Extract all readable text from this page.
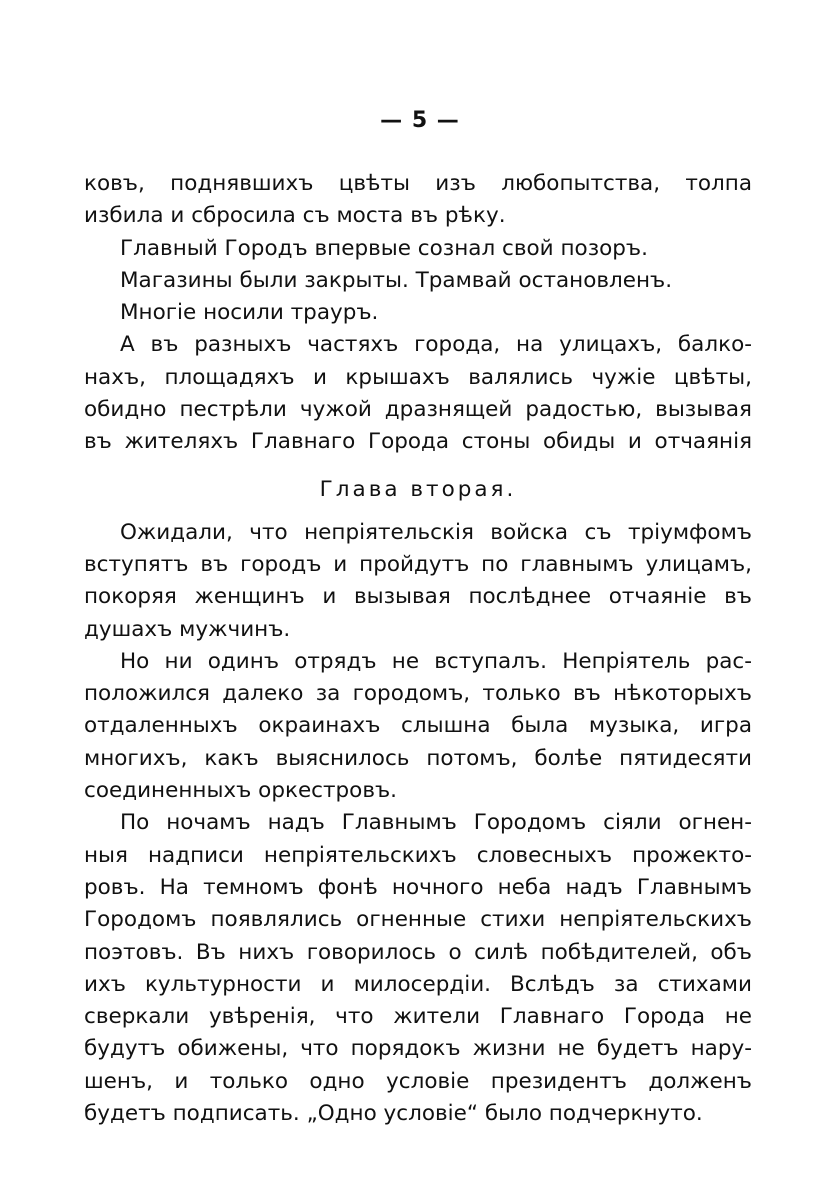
— 5 —
ковъ, поднявшихъ цвѣты изъ любопытства, толпа
избила и сбросила съ моста въ рѣку.
Главный Городъ впервые сознал свой позоръ.
Магазины были закрыты. Трамвай остановленъ.
Многіе носили трауръ.
А въ разныхъ частяхъ города, на улицахъ, балко-
нахъ, площадяхъ и крышахъ валялись чужіе цвѣты,
обидно пестрѣли чужой дразнящей радостью, вызывая
въ жителяхъ Главнаго Города стоны обиды и отчаянія
Глава вторая.
Ожидали, что непріятельскія войска съ тріумфомъ
вступятъ въ городъ и пройдутъ по главнымъ улицамъ,
покоряя женщинъ и вызывая послѣднее отчаяніе въ
душахъ мужчинъ.
Но ни одинъ отрядъ не вступалъ. Непріятель рас-
положился далеко за городомъ, только въ нѣкоторыхъ
отдаленныхъ окраинахъ слышна была музыка, игра
многихъ, какъ выяснилось потомъ, болѣе пятидесяти
соединенныхъ оркестровъ.
По ночамъ надъ Главнымъ Городомъ сіяли огнен-
ныя надписи непріятельскихъ словесныхъ прожекто-
ровъ. На темномъ фонѣ ночного неба надъ Главнымъ
Городомъ появлялись огненные стихи непріятельскихъ
поэтовъ. Въ нихъ говорилось о силѣ побѣдителей, объ
ихъ культурности и милосердіи. Вслѣдъ за стихами
сверкали увѣренія, что жители Главнаго Города не
будутъ обижены, что порядокъ жизни не будетъ нару-
шенъ, и только одно условіе президентъ долженъ
будетъ подписать. „Одно условіе“ было подчеркнуто.
